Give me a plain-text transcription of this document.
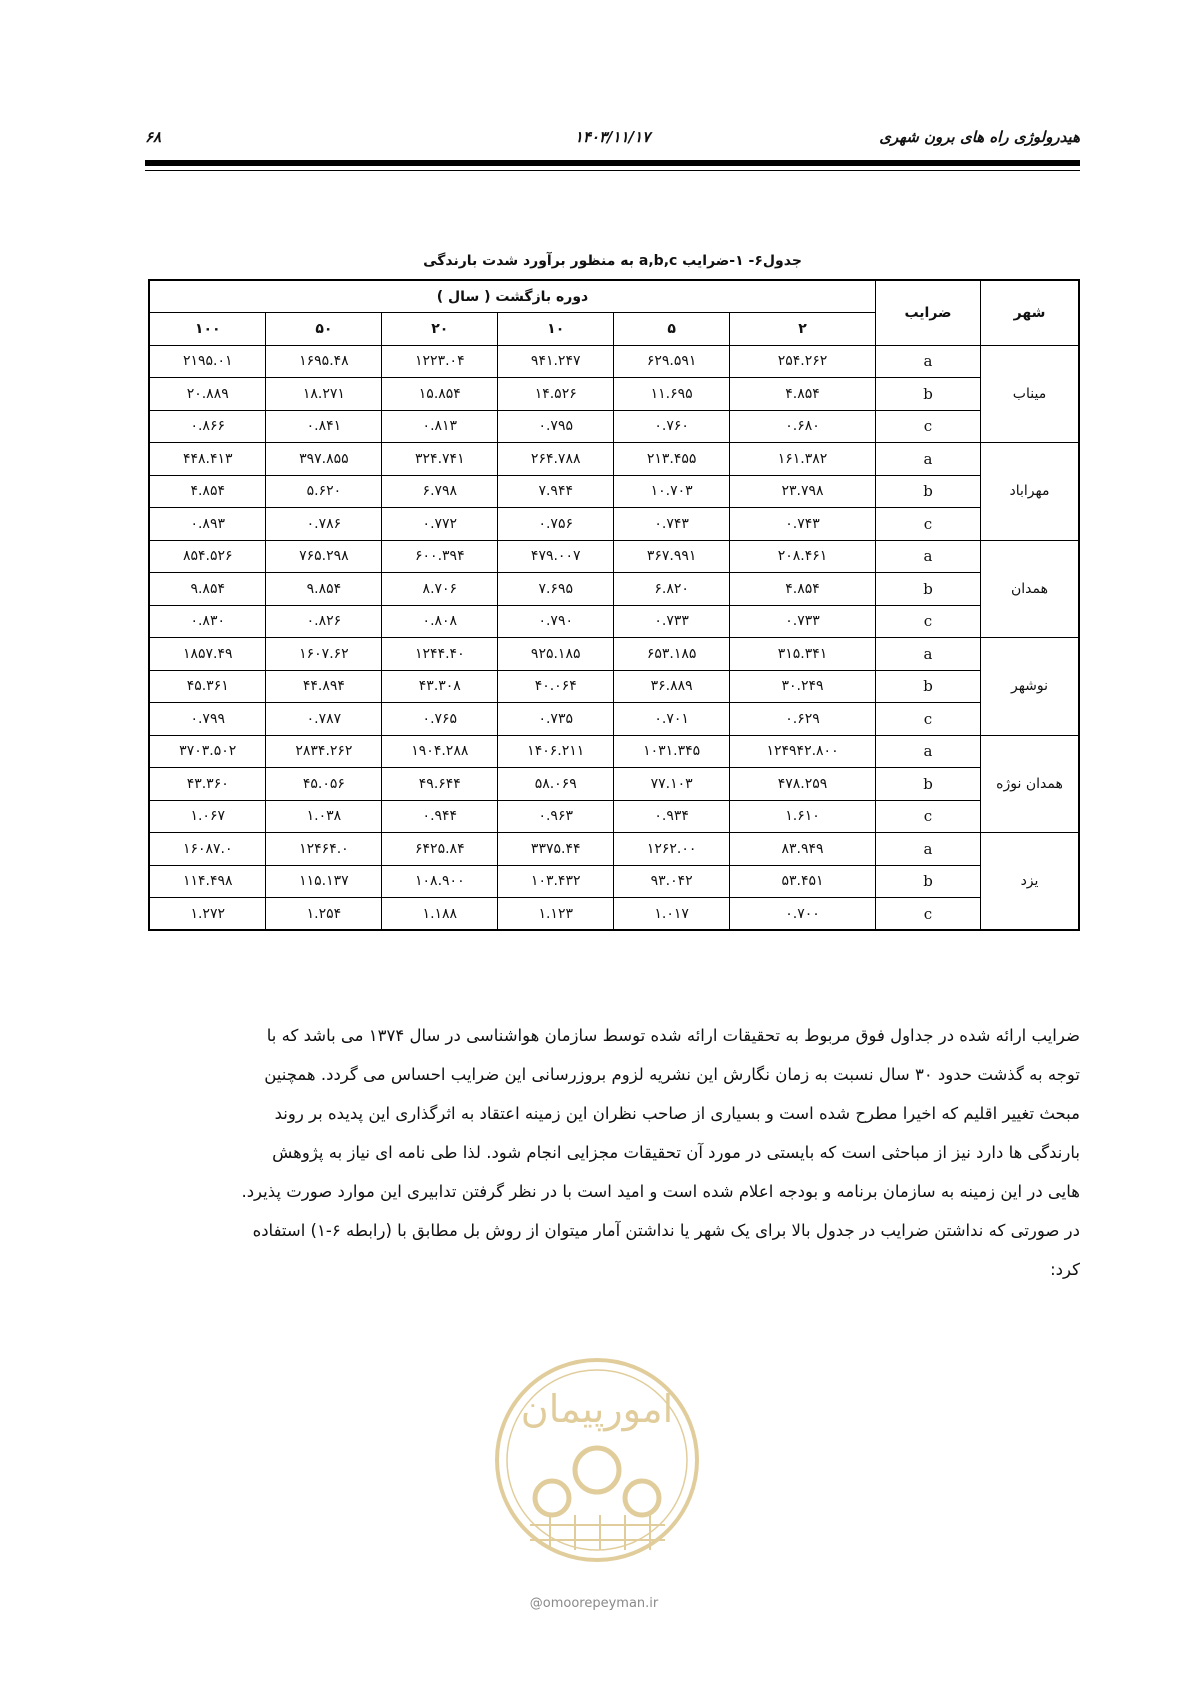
۶۸	۱۴۰۳/۱۱/۱۷	هیدرولوژی راه های برون شهری
جدول۶- ۱-ضرایب a,b,c به منظور برآورد شدت بارندگی
شهر	ضرایب	دوره بازگشت ( سال )					
		۲	۵	۱۰	۲۰	۵۰	۱۰۰
میناب	a	۲۵۴.۲۶۲	۶۲۹.۵۹۱	۹۴۱.۲۴۷	۱۲۲۳.۰۴	۱۶۹۵.۴۸	۲۱۹۵.۰۱
	b	۴.۸۵۴	۱۱.۶۹۵	۱۴.۵۲۶	۱۵.۸۵۴	۱۸.۲۷۱	۲۰.۸۸۹
	c	۰.۶۸۰	۰.۷۶۰	۰.۷۹۵	۰.۸۱۳	۰.۸۴۱	۰.۸۶۶
مهراباد	a	۱۶۱.۳۸۲	۲۱۳.۴۵۵	۲۶۴.۷۸۸	۳۲۴.۷۴۱	۳۹۷.۸۵۵	۴۴۸.۴۱۳
	b	۲۳.۷۹۸	۱۰.۷۰۳	۷.۹۴۴	۶.۷۹۸	۵.۶۲۰	۴.۸۵۴
	c	۰.۷۴۳	۰.۷۴۳	۰.۷۵۶	۰.۷۷۲	۰.۷۸۶	۰.۸۹۳
همدان	a	۲۰۸.۴۶۱	۳۶۷.۹۹۱	۴۷۹.۰۰۷	۶۰۰.۳۹۴	۷۶۵.۲۹۸	۸۵۴.۵۲۶
	b	۴.۸۵۴	۶.۸۲۰	۷.۶۹۵	۸.۷۰۶	۹.۸۵۴	۹.۸۵۴
	c	۰.۷۳۳	۰.۷۳۳	۰.۷۹۰	۰.۸۰۸	۰.۸۲۶	۰.۸۳۰
نوشهر	a	۳۱۵.۳۴۱	۶۵۳.۱۸۵	۹۲۵.۱۸۵	۱۲۴۴.۴۰	۱۶۰۷.۶۲	۱۸۵۷.۴۹
	b	۳۰.۲۴۹	۳۶.۸۸۹	۴۰.۰۶۴	۴۳.۳۰۸	۴۴.۸۹۴	۴۵.۳۶۱
	c	۰.۶۲۹	۰.۷۰۱	۰.۷۳۵	۰.۷۶۵	۰.۷۸۷	۰.۷۹۹
همدان نوژه	a	۱۲۴۹۴۲.۸۰۰	۱۰۳۱.۳۴۵	۱۴۰۶.۲۱۱	۱۹۰۴.۲۸۸	۲۸۳۴.۲۶۲	۳۷۰۳.۵۰۲
	b	۴۷۸.۲۵۹	۷۷.۱۰۳	۵۸.۰۶۹	۴۹.۶۴۴	۴۵.۰۵۶	۴۳.۳۶۰
	c	۱.۶۱۰	۰.۹۳۴	۰.۹۶۳	۰.۹۴۴	۱.۰۳۸	۱.۰۶۷
یزد	a	۸۳.۹۴۹	۱۲۶۲.۰۰	۳۳۷۵.۴۴	۶۴۲۵.۸۴	۱۲۴۶۴.۰	۱۶۰۸۷.۰
	b	۵۳.۴۵۱	۹۳.۰۴۲	۱۰۳.۴۳۲	۱۰۸.۹۰۰	۱۱۵.۱۳۷	۱۱۴.۴۹۸
	c	۰.۷۰۰	۱.۰۱۷	۱.۱۲۳	۱.۱۸۸	۱.۲۵۴	۱.۲۷۲

ضرایب ارائه شده در جداول فوق مربوط به تحقیقات ارائه شده توسط سازمان هواشناسی در سال ۱۳۷۴ می باشد که با

توجه به گذشت حدود ۳۰ سال نسبت به زمان نگارش این نشریه لزوم بروزرسانی این ضرایب احساس می گردد. همچنین

مبحث تغییر اقلیم که اخیرا مطرح شده است و بسیاری از صاحب نظران این زمینه اعتقاد به اثرگذاری این پدیده بر روند

بارندگی ها دارد نیز از مباحثی است که بایستی در مورد آن تحقیقات مجزایی انجام شود. لذا طی نامه ای نیاز به پژوهش

هایی در این زمینه به سازمان برنامه و بودجه اعلام شده است و امید است با در نظر گرفتن تدابیری این موارد صورت پذیرد.

در صورتی که نداشتن ضرایب در جدول بالا برای یک شهر یا نداشتن آمار میتوان از روش بل مطابق با (رابطه ۶-۱) استفاده

کرد:

امورپیمان
@omoorepeyman.ir
